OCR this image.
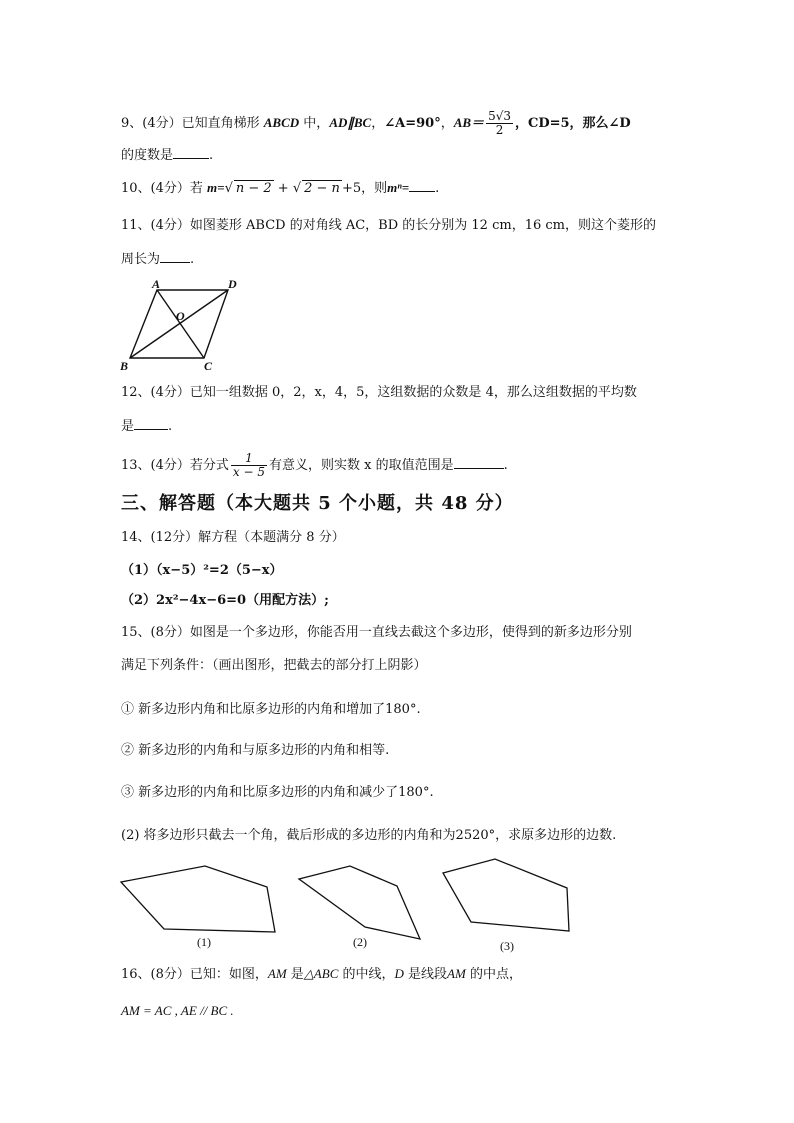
9、(4分）已知直角梯形 ABCD 中，AD∥BC，∠A=90°，$AB= \frac{5√3}{2}$ ，CD=5，那么∠D
的度数是	.
10、(4分）若 m=√ n − 2 + √ 2 − n +5，则mⁿ= .
11、(4分）如图菱形 ABCD 的对角线 AC，BD 的长分别为 12 cm，16 cm，则这个菱形的
周长为 .
A	D
O
B	C
(1)	(2)	(3)
12、(4分）已知一组数据 0，2，x，4，5，这组数据的众数是 4，那么这组数据的平均数
是	.
13、(4分）若分式 $\frac{1}{x - 5}$ 有意义，则实数 x 的取值范围是	.
三、解答题（本大题共 5 个小题，共 48 分）
14、(12分）解方程（本题满分 8 分）
（1）（x−5）²=2（5−x）
（2）2x²−4x−6=0（用配方法）;
15、(8分）如图是一个多边形，你能否用一直线去截这个多边形，使得到的新多边形分别
满足下列条件：（画出图形，把截去的部分打上阴影）
① 新多边形内角和比原多边形的内角和增加了180°.
② 新多边形的内角和与原多边形的内角和相等.
③ 新多边形的内角和比原多边形的内角和减少了180°.
(2) 将多边形只截去一个角，截后形成的多边形的内角和为2520°，求原多边形的边数.
16、(8分）已知：如图，AM 是△ABC 的中线，D 是线段AM 的中点，
AM = AC , AE // BC .
